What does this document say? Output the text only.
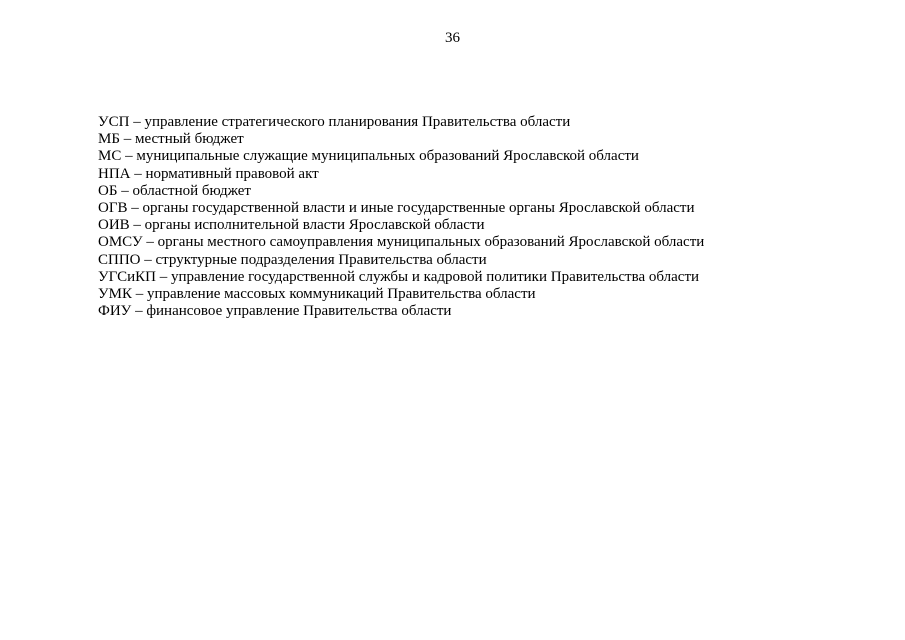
36
УСП – управление стратегического планирования Правительства области
МБ – местный бюджет
МС – муниципальные служащие муниципальных образований Ярославской области
НПА – нормативный правовой акт
ОБ – областной бюджет
ОГВ – органы государственной власти и иные государственные органы Ярославской области
ОИВ – органы исполнительной власти Ярославской области
ОМСУ – органы местного самоуправления муниципальных образований Ярославской области
СППО – структурные подразделения Правительства области
УГСиКП – управление государственной службы и кадровой политики Правительства области
УМК – управление массовых коммуникаций Правительства области
ФИУ – финансовое управление Правительства области
